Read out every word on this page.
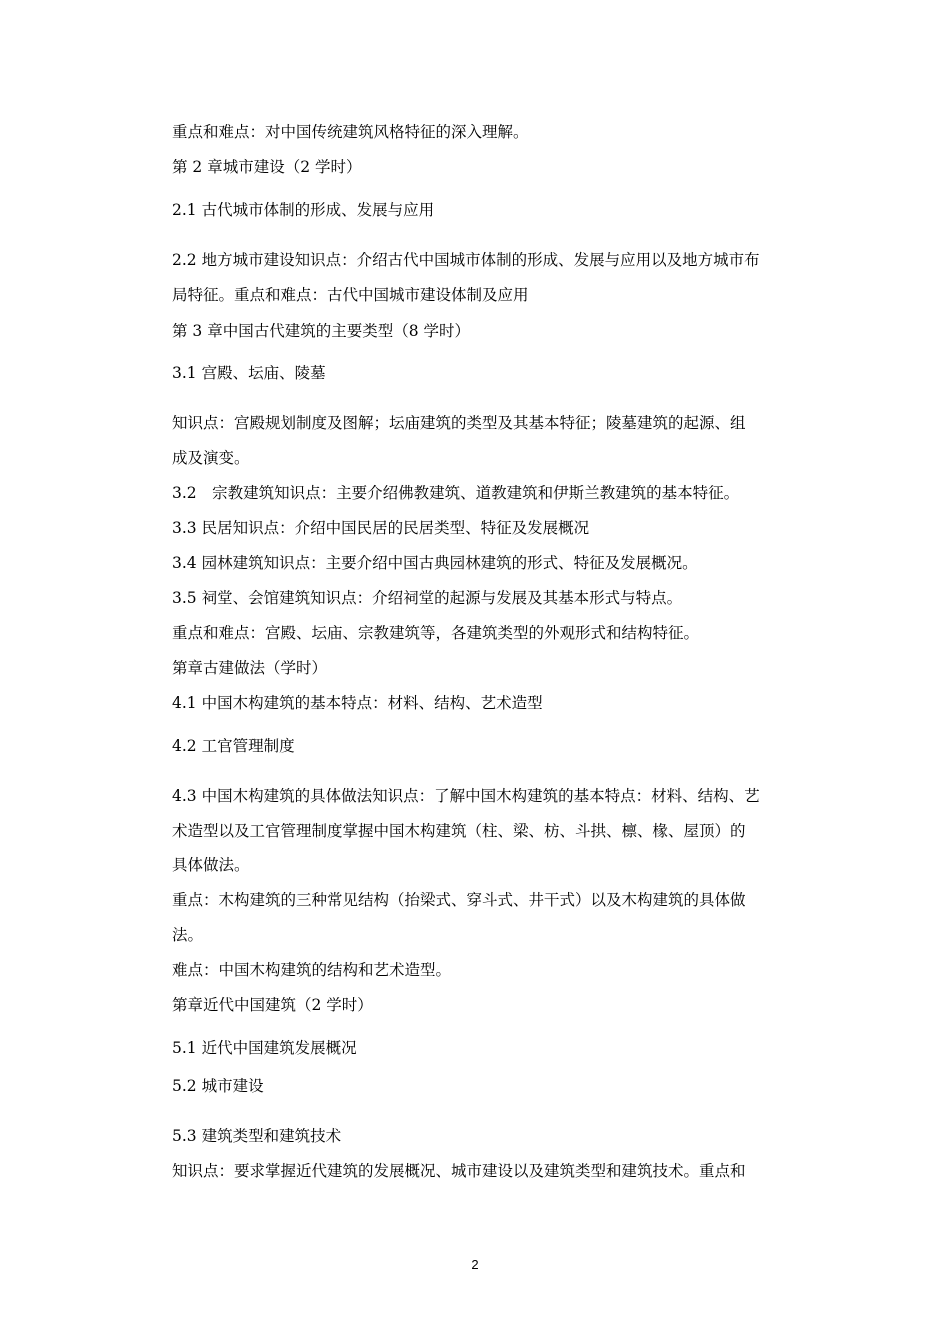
重点和难点：对中国传统建筑风格特征的深入理解。
第 2 章城市建设（2 学时）
2.1 古代城市体制的形成、发展与应用
2.2 地方城市建设知识点：介绍古代中国城市体制的形成、发展与应用以及地方城市布
局特征。重点和难点：古代中国城市建设体制及应用
第 3 章中国古代建筑的主要类型（8 学时）
3.1 宫殿、坛庙、陵墓
知识点：宫殿规划制度及图解；坛庙建筑的类型及其基本特征；陵墓建筑的起源、组
成及演变。
3.2　宗教建筑知识点：主要介绍佛教建筑、道教建筑和伊斯兰教建筑的基本特征。
3.3 民居知识点：介绍中国民居的民居类型、特征及发展概况
3.4 园林建筑知识点：主要介绍中国古典园林建筑的形式、特征及发展概况。
3.5 祠堂、会馆建筑知识点：介绍祠堂的起源与发展及其基本形式与特点。
重点和难点：宫殿、坛庙、宗教建筑等，各建筑类型的外观形式和结构特征。
第章古建做法（学时）
4.1 中国木构建筑的基本特点：材料、结构、艺术造型
4.2 工官管理制度
4.3 中国木构建筑的具体做法知识点：了解中国木构建筑的基本特点：材料、结构、艺
术造型以及工官管理制度掌握中国木构建筑（柱、梁、枋、斗拱、檩、椽、屋顶）的
具体做法。
重点：木构建筑的三种常见结构（抬梁式、穿斗式、井干式）以及木构建筑的具体做
法。
难点：中国木构建筑的结构和艺术造型。
第章近代中国建筑（2 学时）
5.1 近代中国建筑发展概况
5.2 城市建设
5.3 建筑类型和建筑技术
知识点：要求掌握近代建筑的发展概况、城市建设以及建筑类型和建筑技术。重点和
2
